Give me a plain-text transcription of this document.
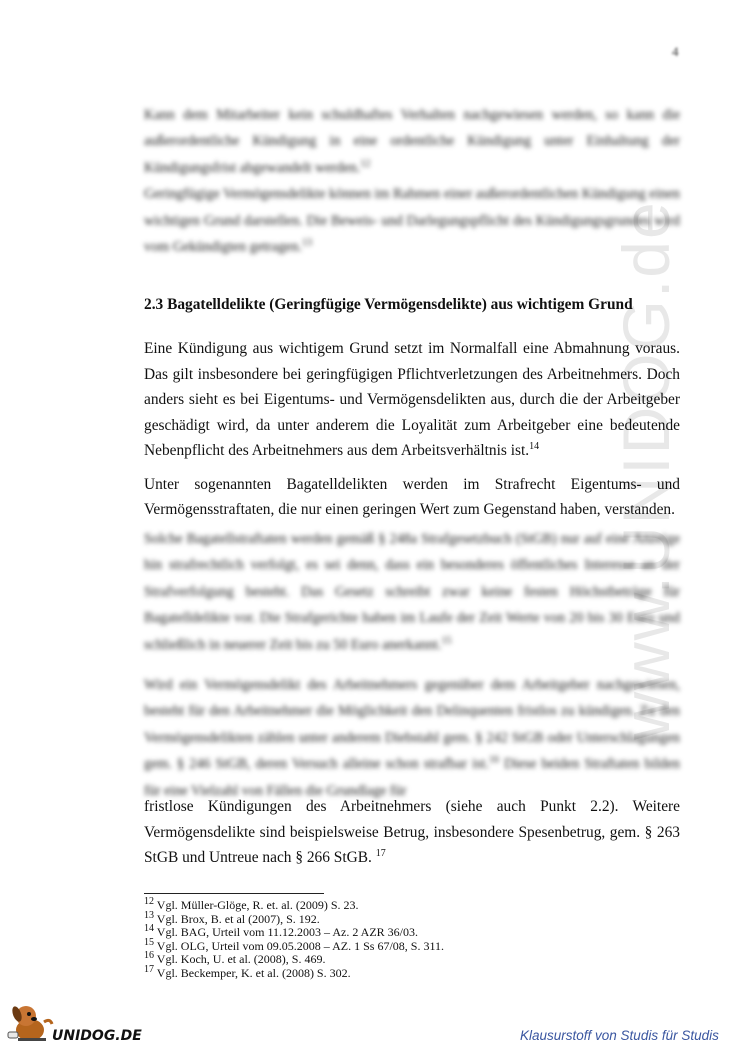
www.UNIDOG.de
4

Kann dem Mitarbeiter kein schuldhaftes Verhalten nachgewiesen werden, so kann die außerordentliche Kündigung in eine ordentliche Kündigung unter Einhaltung der Kündigungsfrist abgewandelt werden.$^{12}$

Geringfügige Vermögensdelikte können im Rahmen einer außerordentlichen Kündigung einen wichtigen Grund darstellen. Die Beweis- und Darlegungspflicht des Kündigungsgrundes wird vom Gekündigten getragen.$^{13}$

2.3 Bagatelldelikte (Geringfügige Vermögensdelikte) aus wichtigem Grund

Eine Kündigung aus wichtigem Grund setzt im Normalfall eine Abmahnung voraus. Das gilt insbesondere bei geringfügigen Pflichtverletzungen des Arbeitnehmers. Doch anders sieht es bei Eigentums- und Vermögensdelikten aus, durch die der Arbeitgeber geschädigt wird, da unter anderem die Loyalität zum Arbeitgeber eine bedeutende Nebenpflicht des Arbeitnehmers aus dem Arbeitsverhältnis ist.$^{14}$

Unter sogenannten Bagatelldelikten werden im Strafrecht Eigentums- und Vermögensstraftaten, die nur einen geringen Wert zum Gegenstand haben, verstanden.

Solche Bagatellstraftaten werden gemäß § 248a Strafgesetzbuch (StGB) nur auf eine Anzeige hin strafrechtlich verfolgt, es sei denn, dass ein besonderes öffentliches Interesse an der Strafverfolgung besteht. Das Gesetz schreibt zwar keine festen Höchstbeträge für Bagatelldelikte vor. Die Strafgerichte haben im Laufe der Zeit Werte von 20 bis 30 Euro und schließlich in neuerer Zeit bis zu 50 Euro anerkannt.$^{15}$

Wird ein Vermögensdelikt des Arbeitnehmers gegenüber dem Arbeitgeber nachgewiesen, besteht für den Arbeitnehmer die Möglichkeit den Delinquenten fristlos zu kündigen. Zu den Vermögensdelikten zählen unter anderem Diebstahl gem. § 242 StGB oder Unterschlagungen gem. § 246 StGB, deren Versuch alleine schon strafbar ist.$^{16}$ Diese beiden Straftaten bilden für eine Vielzahl von Fällen die Grundlage für

fristlose Kündigungen des Arbeitnehmers (siehe auch Punkt 2.2). Weitere Vermögensdelikte sind beispielsweise Betrug, insbesondere Spesenbetrug, gem. § 263 StGB und Untreue nach § 266 StGB. $^{17}$

$^{12}$ Vgl. Müller-Glöge, R. et. al. (2009) S. 23.
$^{13}$ Vgl. Brox, B. et al (2007), S. 192.
$^{14}$ Vgl. BAG, Urteil vom 11.12.2003 – Az. 2 AZR 36/03.
$^{15}$ Vgl. OLG, Urteil vom 09.05.2008 – AZ. 1 Ss 67/08, S. 311.
$^{16}$ Vgl. Koch, U. et al. (2008), S. 469.
$^{17}$ Vgl. Beckemper, K. et al. (2008) S. 302.
UNIDOG.DE	Klausurstoff von Studis für Studis
